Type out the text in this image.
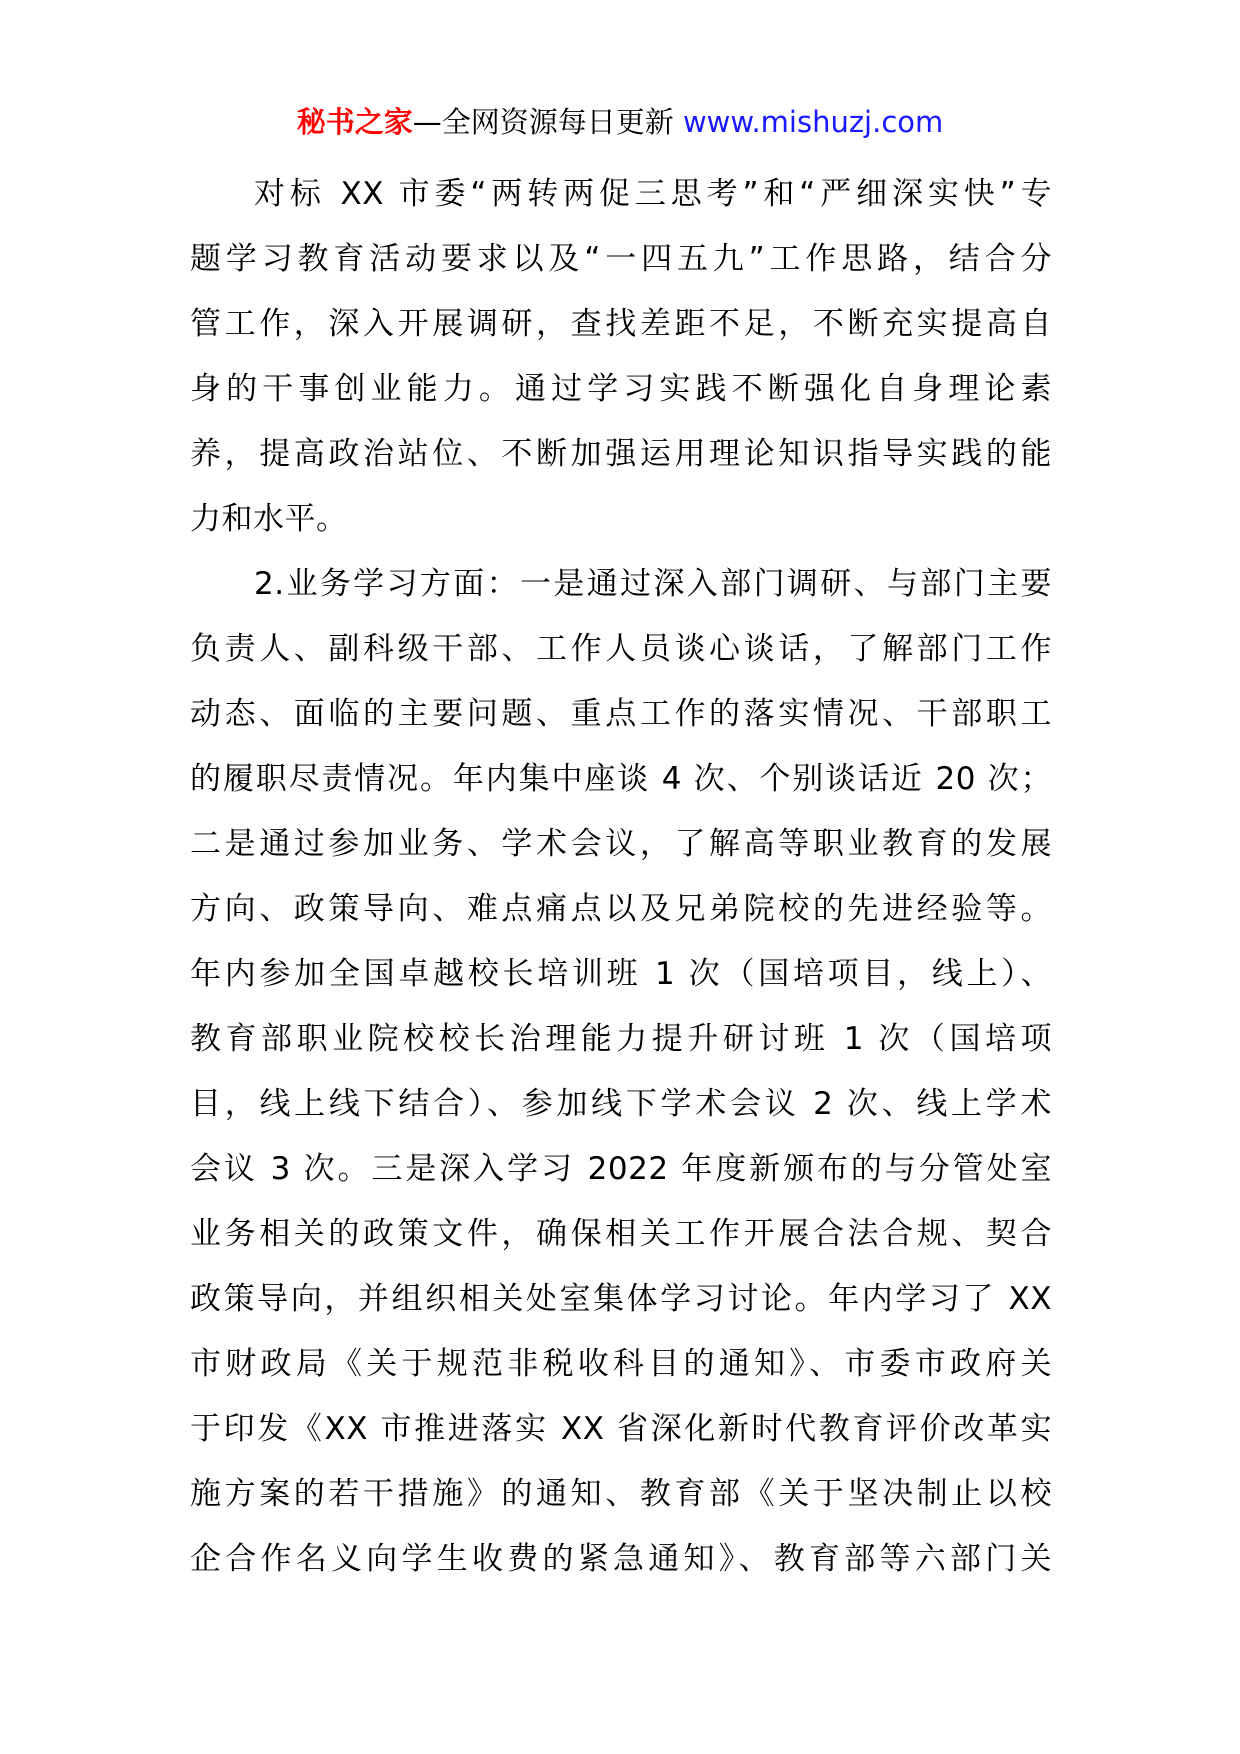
秘书之家—全网资源每日更新 www.mishuzj.com
对标 XX 市委“两转两促三思考”和“严细深实快”专
题学习教育活动要求以及“一四五九”工作思路，结合分
管工作，深入开展调研，查找差距不足，不断充实提高自
身的干事创业能力。通过学习实践不断强化自身理论素
养，提高政治站位、不断加强运用理论知识指导实践的能
力和水平。
2.业务学习方面：一是通过深入部门调研、与部门主要
负责人、副科级干部、工作人员谈心谈话，了解部门工作
动态、面临的主要问题、重点工作的落实情况、干部职工
的履职尽责情况。年内集中座谈 4 次、个别谈话近 20 次；
二是通过参加业务、学术会议，了解高等职业教育的发展
方向、政策导向、难点痛点以及兄弟院校的先进经验等。
年内参加全国卓越校长培训班 1 次（国培项目，线上）、
教育部职业院校校长治理能力提升研讨班 1 次（国培项
目，线上线下结合）、参加线下学术会议 2 次、线上学术
会议 3 次。三是深入学习 2022 年度新颁布的与分管处室
业务相关的政策文件，确保相关工作开展合法合规、契合
政策导向，并组织相关处室集体学习讨论。年内学习了 XX
市财政局《关于规范非税收科目的通知》、市委市政府关
于印发《XX 市推进落实 XX 省深化新时代教育评价改革实
施方案的若干措施》的通知、教育部《关于坚决制止以校
企合作名义向学生收费的紧急通知》、教育部等六部门关
